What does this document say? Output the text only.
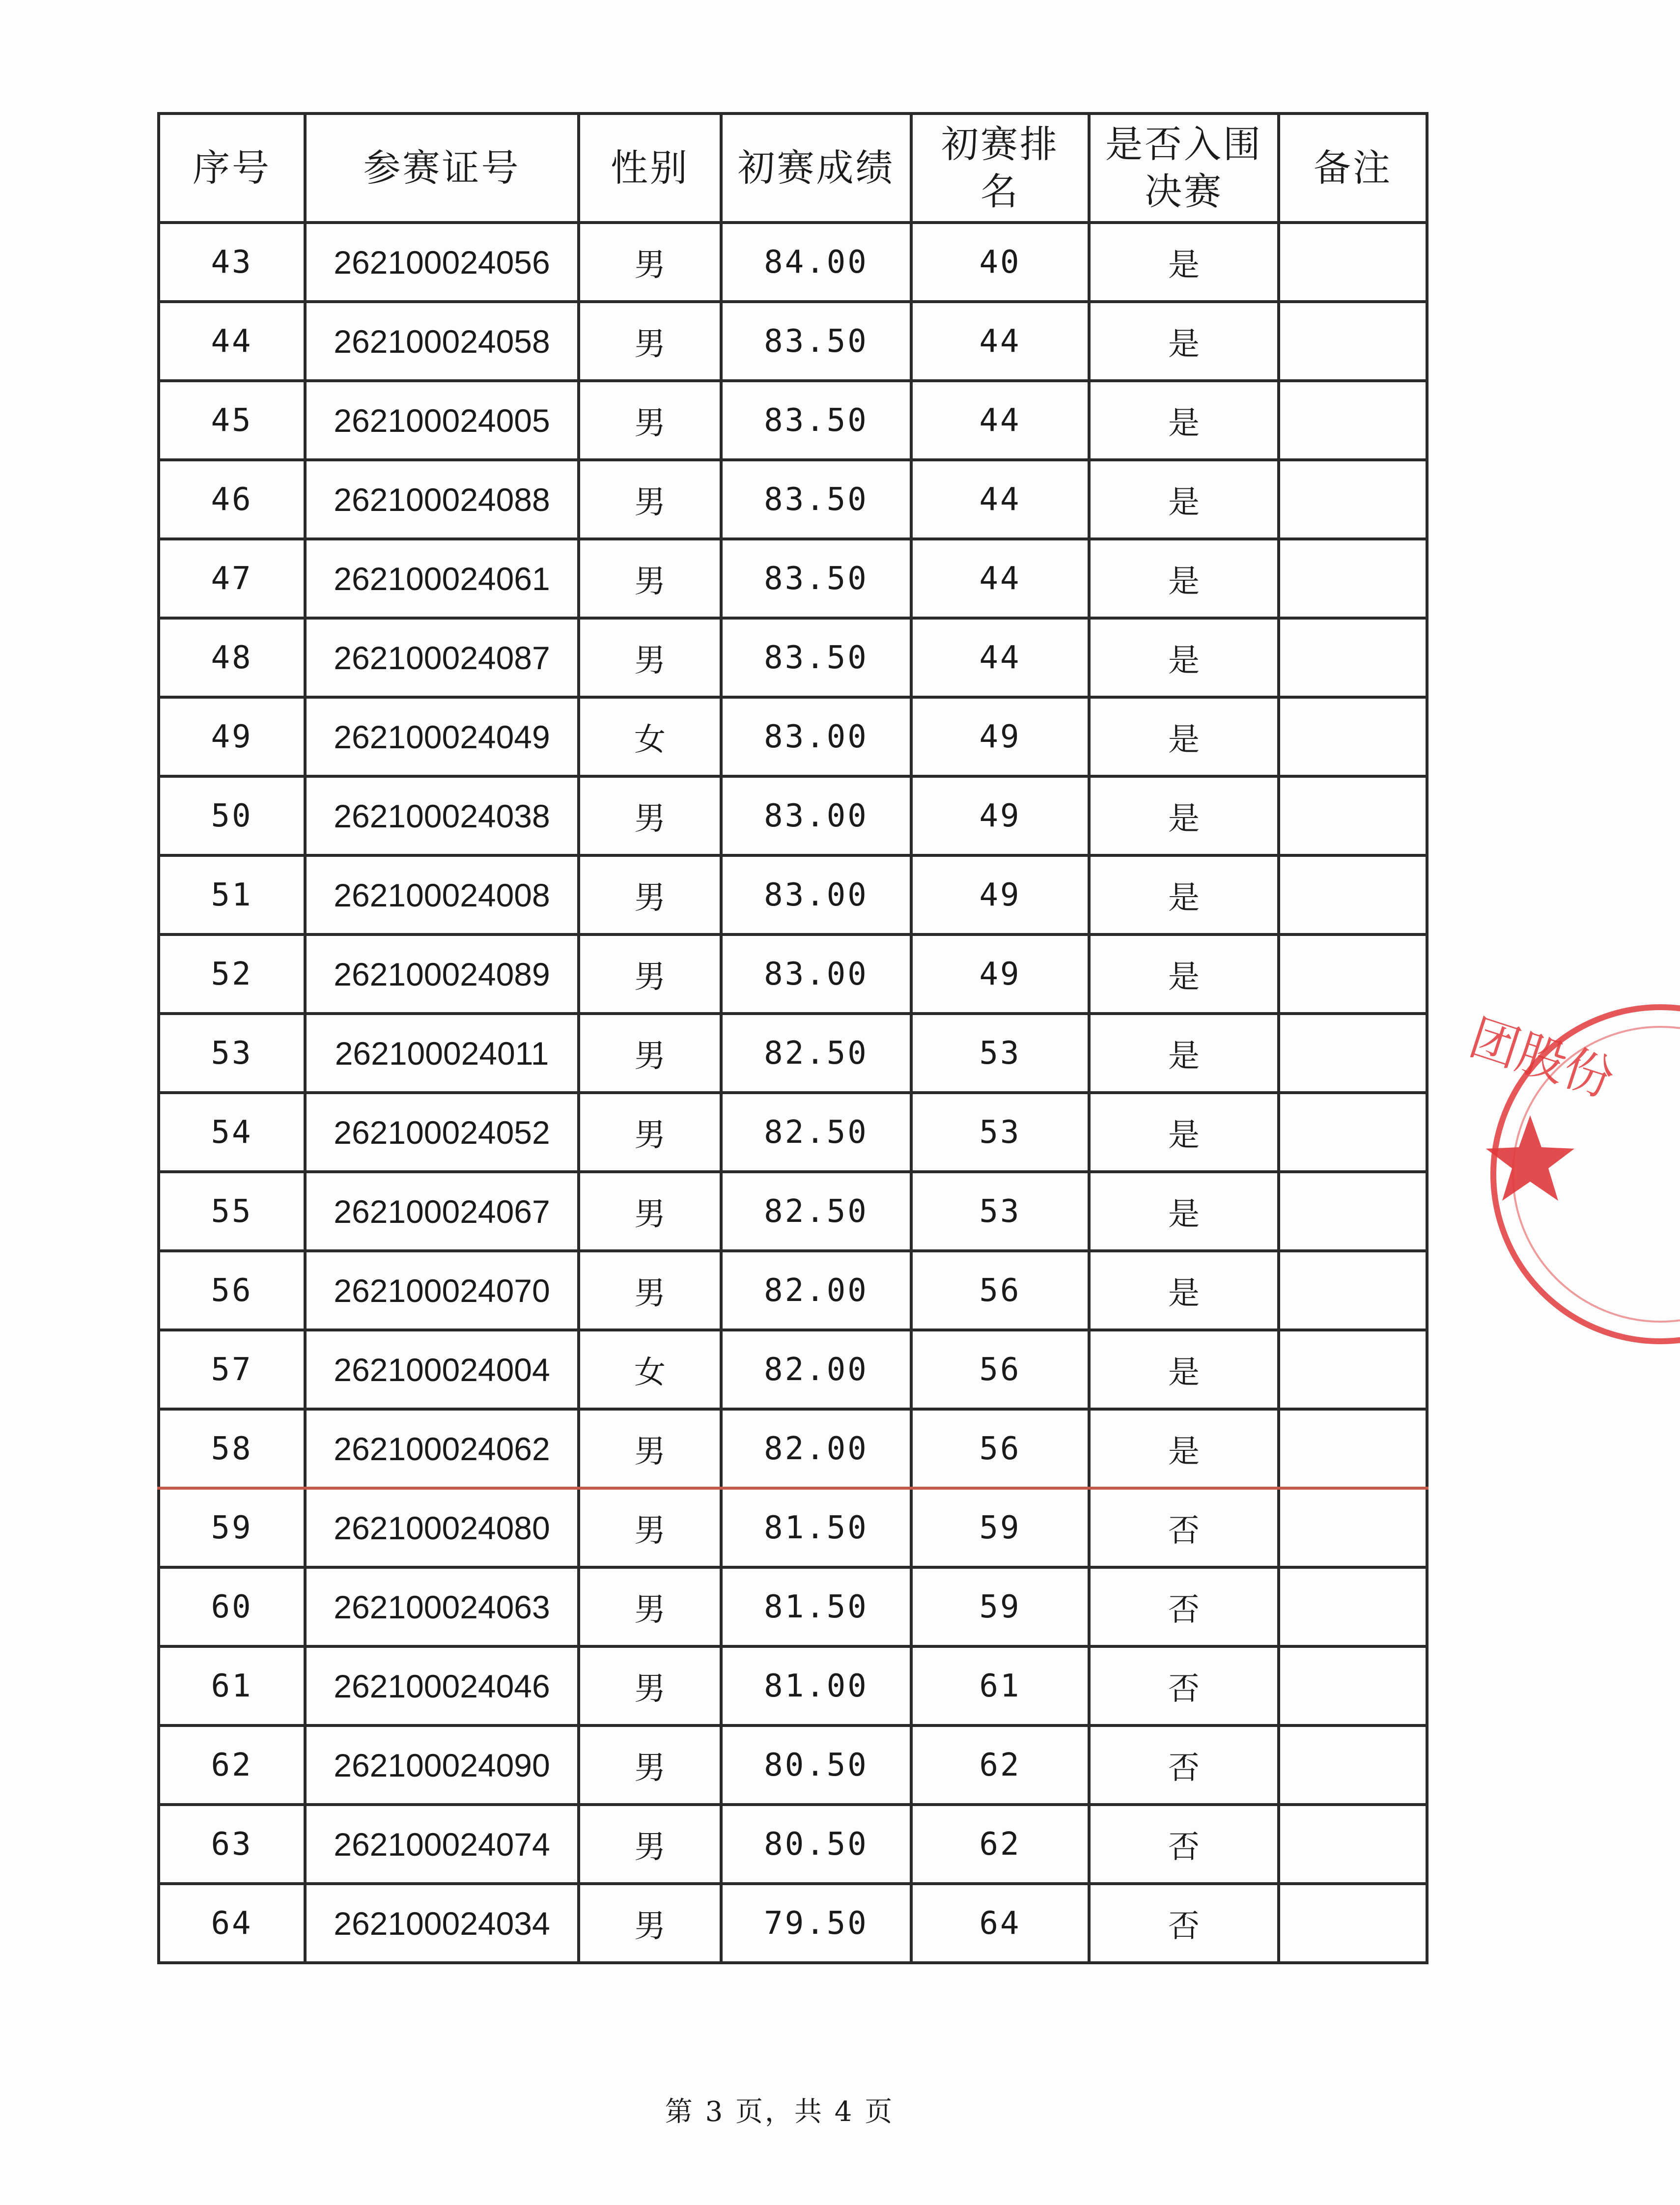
序号	参赛证号	性别	初赛成绩	初赛排名	是否入围决赛	备注
43	262100024056	男	84.00	40	是	
44	262100024058	男	83.50	44	是	
45	262100024005	男	83.50	44	是	
46	262100024088	男	83.50	44	是	
47	262100024061	男	83.50	44	是	
48	262100024087	男	83.50	44	是	
49	262100024049	女	83.00	49	是	
50	262100024038	男	83.00	49	是	
51	262100024008	男	83.00	49	是	
52	262100024089	男	83.00	49	是	
53	262100024011	男	82.50	53	是	
54	262100024052	男	82.50	53	是	
55	262100024067	男	82.50	53	是	
56	262100024070	男	82.00	56	是	
57	262100024004	女	82.00	56	是	
58	262100024062	男	82.00	56	是	
59	262100024080	男	81.50	59	否	
60	262100024063	男	81.50	59	否	
61	262100024046	男	81.00	61	否	
62	262100024090	男	80.50	62	否	
63	262100024074	男	80.50	62	否	
64	262100024034	男	79.50	64	否	
第 3 页，共 4 页
团股份
